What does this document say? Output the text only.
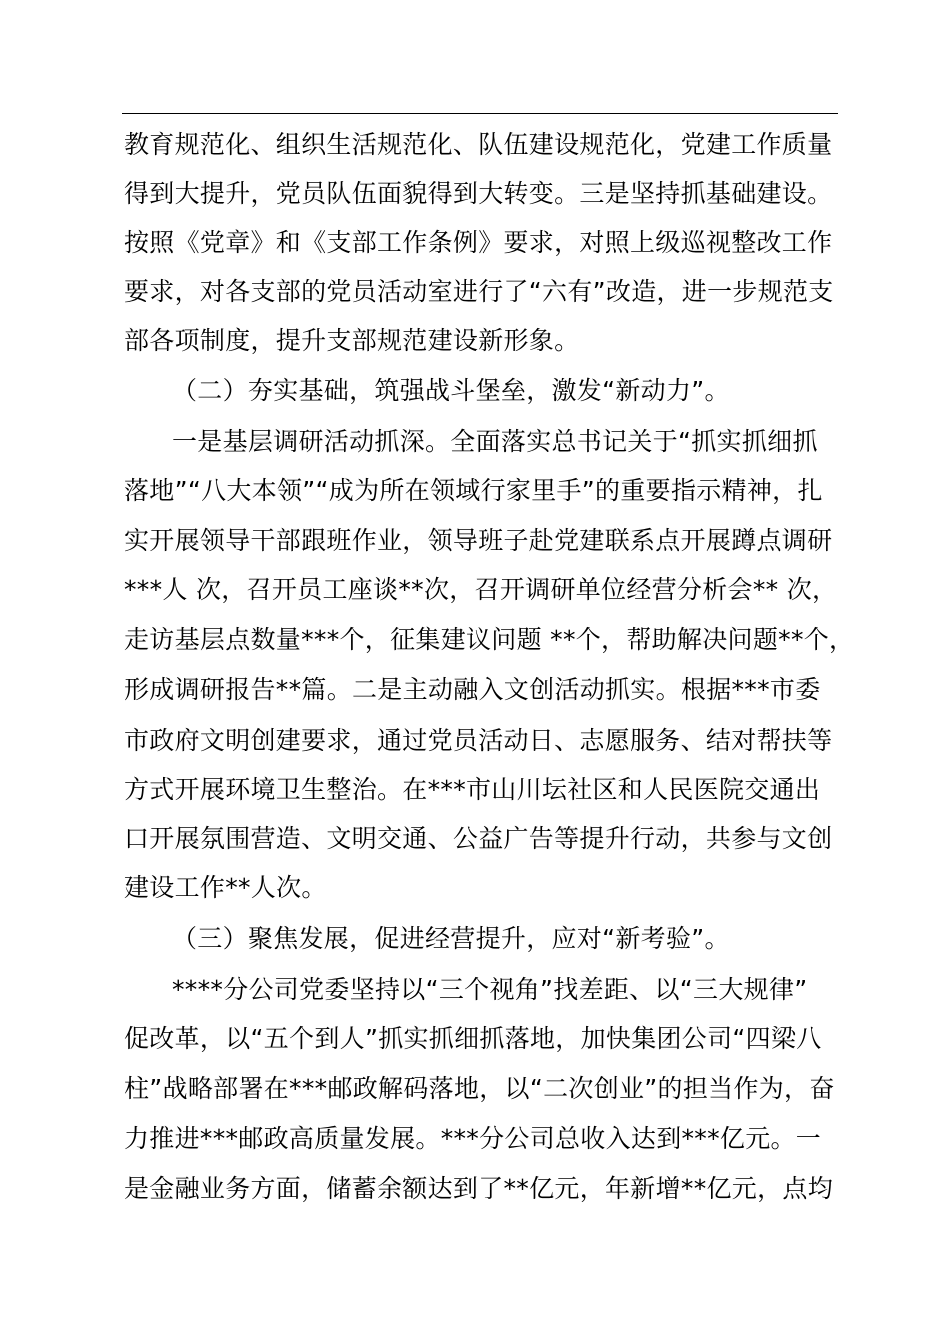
教育规范化、组织生活规范化、队伍建设规范化，党建工作质量
得到大提升，党员队伍面貌得到大转变。三是坚持抓基础建设。
按照《党章》和《支部工作条例》要求，对照上级巡视整改工作
要求，对各支部的党员活动室进行了“六有”改造，进一步规范支
部各项制度，提升支部规范建设新形象。
（二）夯实基础，筑强战斗堡垒，激发“新动力”。
一是基层调研活动抓深。全面落实总书记关于“抓实抓细抓
落地”“八大本领”“成为所在领域行家里手”的重要指示精神，扎
实开展领导干部跟班作业，领导班子赴党建联系点开展蹲点调研
***人 次，召开员工座谈**次，召开调研单位经营分析会** 次，
走访基层点数量***个，征集建议问题 **个，帮助解决问题**个，
形成调研报告**篇。二是主动融入文创活动抓实。根据***市委
市政府文明创建要求，通过党员活动日、志愿服务、结对帮扶等
方式开展环境卫生整治。在***市山川坛社区和人民医院交通出
口开展氛围营造、文明交通、公益广告等提升行动，共参与文创
建设工作**人次。
（三）聚焦发展，促进经营提升，应对“新考验”。
****分公司党委坚持以“三个视角”找差距、以“三大规律”
促改革，以“五个到人”抓实抓细抓落地，加快集团公司“四梁八
柱”战略部署在***邮政解码落地，以“二次创业”的担当作为，奋
力推进***邮政高质量发展。***分公司总收入达到***亿元。一
是金融业务方面，储蓄余额达到了**亿元，年新增**亿元，点均
